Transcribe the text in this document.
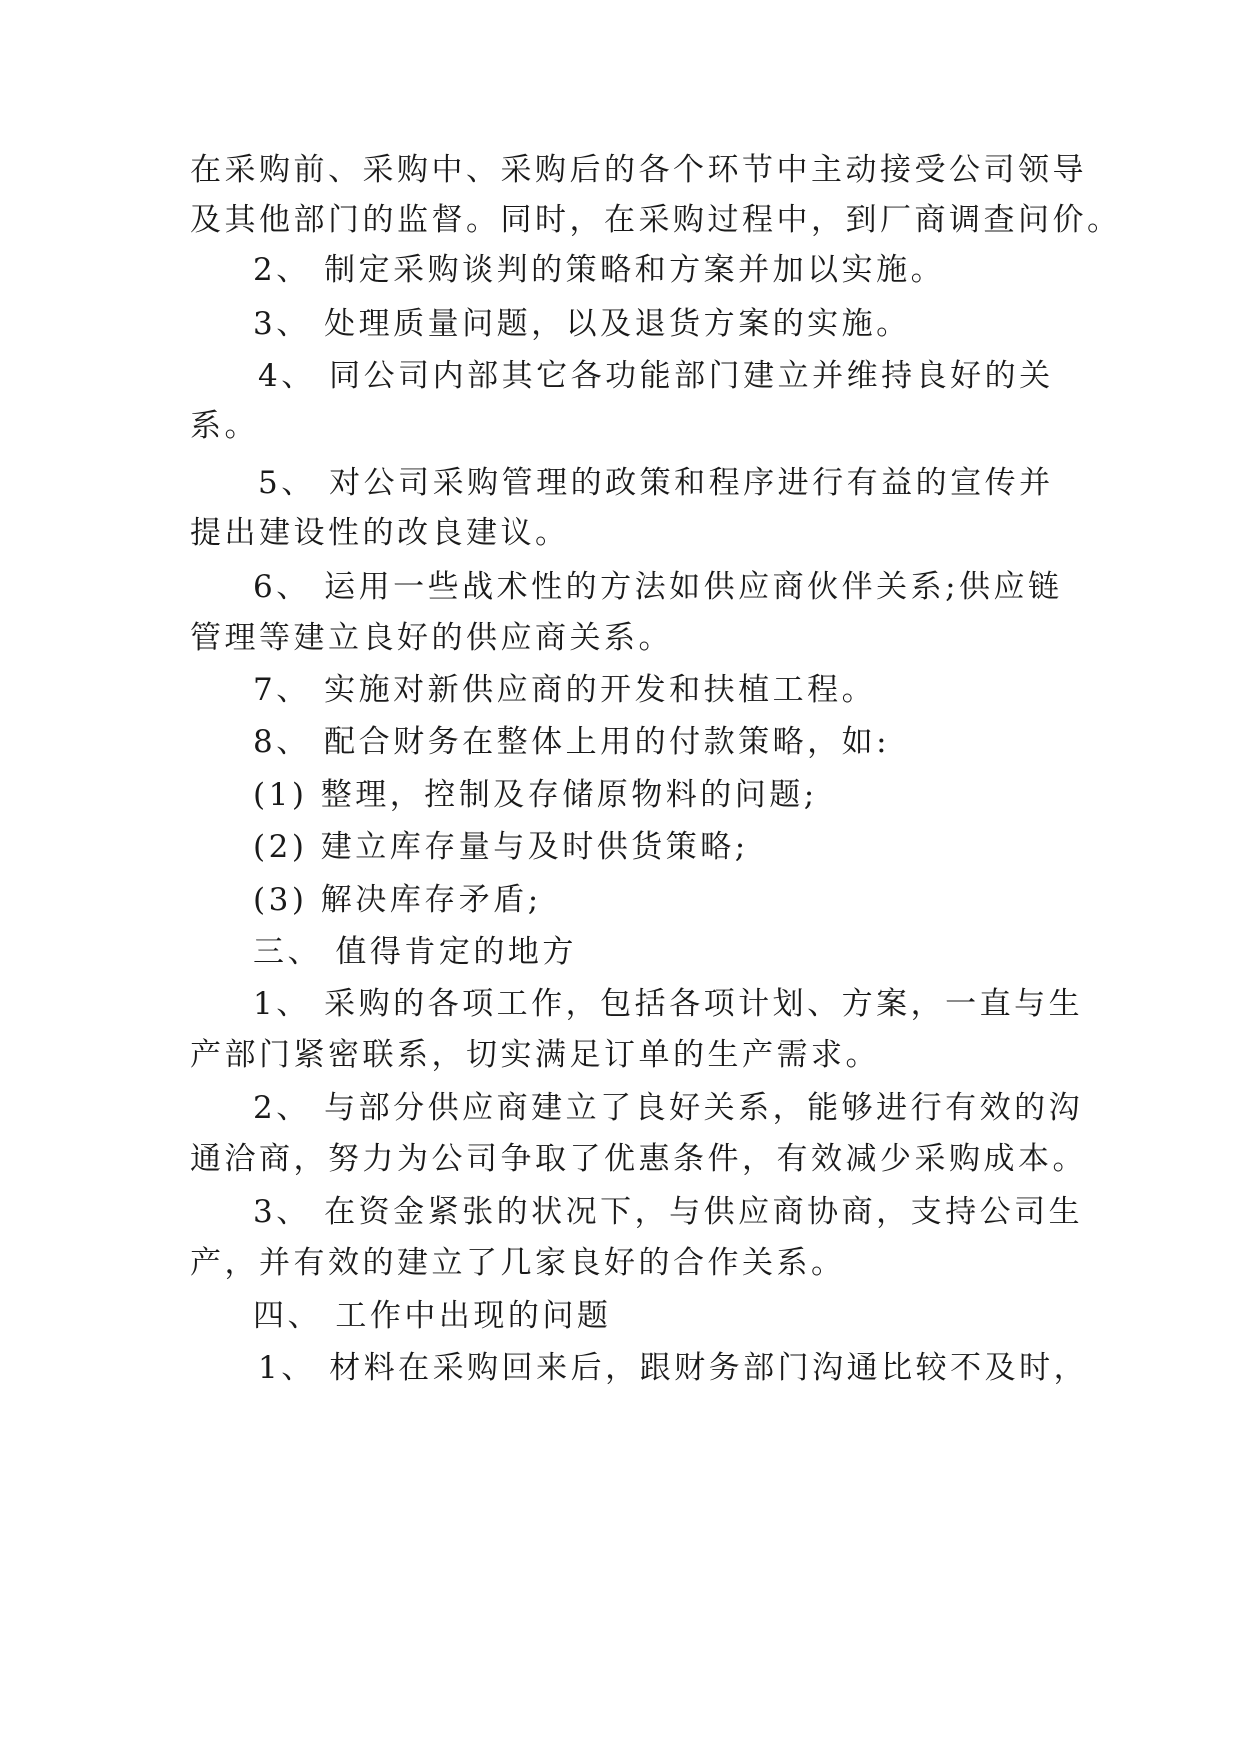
在采购前、采购中、采购后的各个环节中主动接受公司领导
及其他部门的监督。同时，在采购过程中，到厂商调查问价。
2、 制定采购谈判的策略和方案并加以实施。
3、 处理质量问题，以及退货方案的实施。
4、 同公司内部其它各功能部门建立并维持良好的关
系。
5、 对公司采购管理的政策和程序进行有益的宣传并
提出建设性的改良建议。
6、 运用一些战术性的方法如供应商伙伴关系;供应链
管理等建立良好的供应商关系。
7、 实施对新供应商的开发和扶植工程。
8、 配合财务在整体上用的付款策略，如:
(1) 整理，控制及存储原物料的问题;
(2) 建立库存量与及时供货策略;
(3) 解决库存矛盾;
三、 值得肯定的地方
1、 采购的各项工作，包括各项计划、方案，一直与生
产部门紧密联系，切实满足订单的生产需求。
2、 与部分供应商建立了良好关系，能够进行有效的沟
通洽商，努力为公司争取了优惠条件，有效减少采购成本。
3、 在资金紧张的状况下，与供应商协商，支持公司生
产，并有效的建立了几家良好的合作关系。
四、 工作中出现的问题
1、 材料在采购回来后，跟财务部门沟通比较不及时，
